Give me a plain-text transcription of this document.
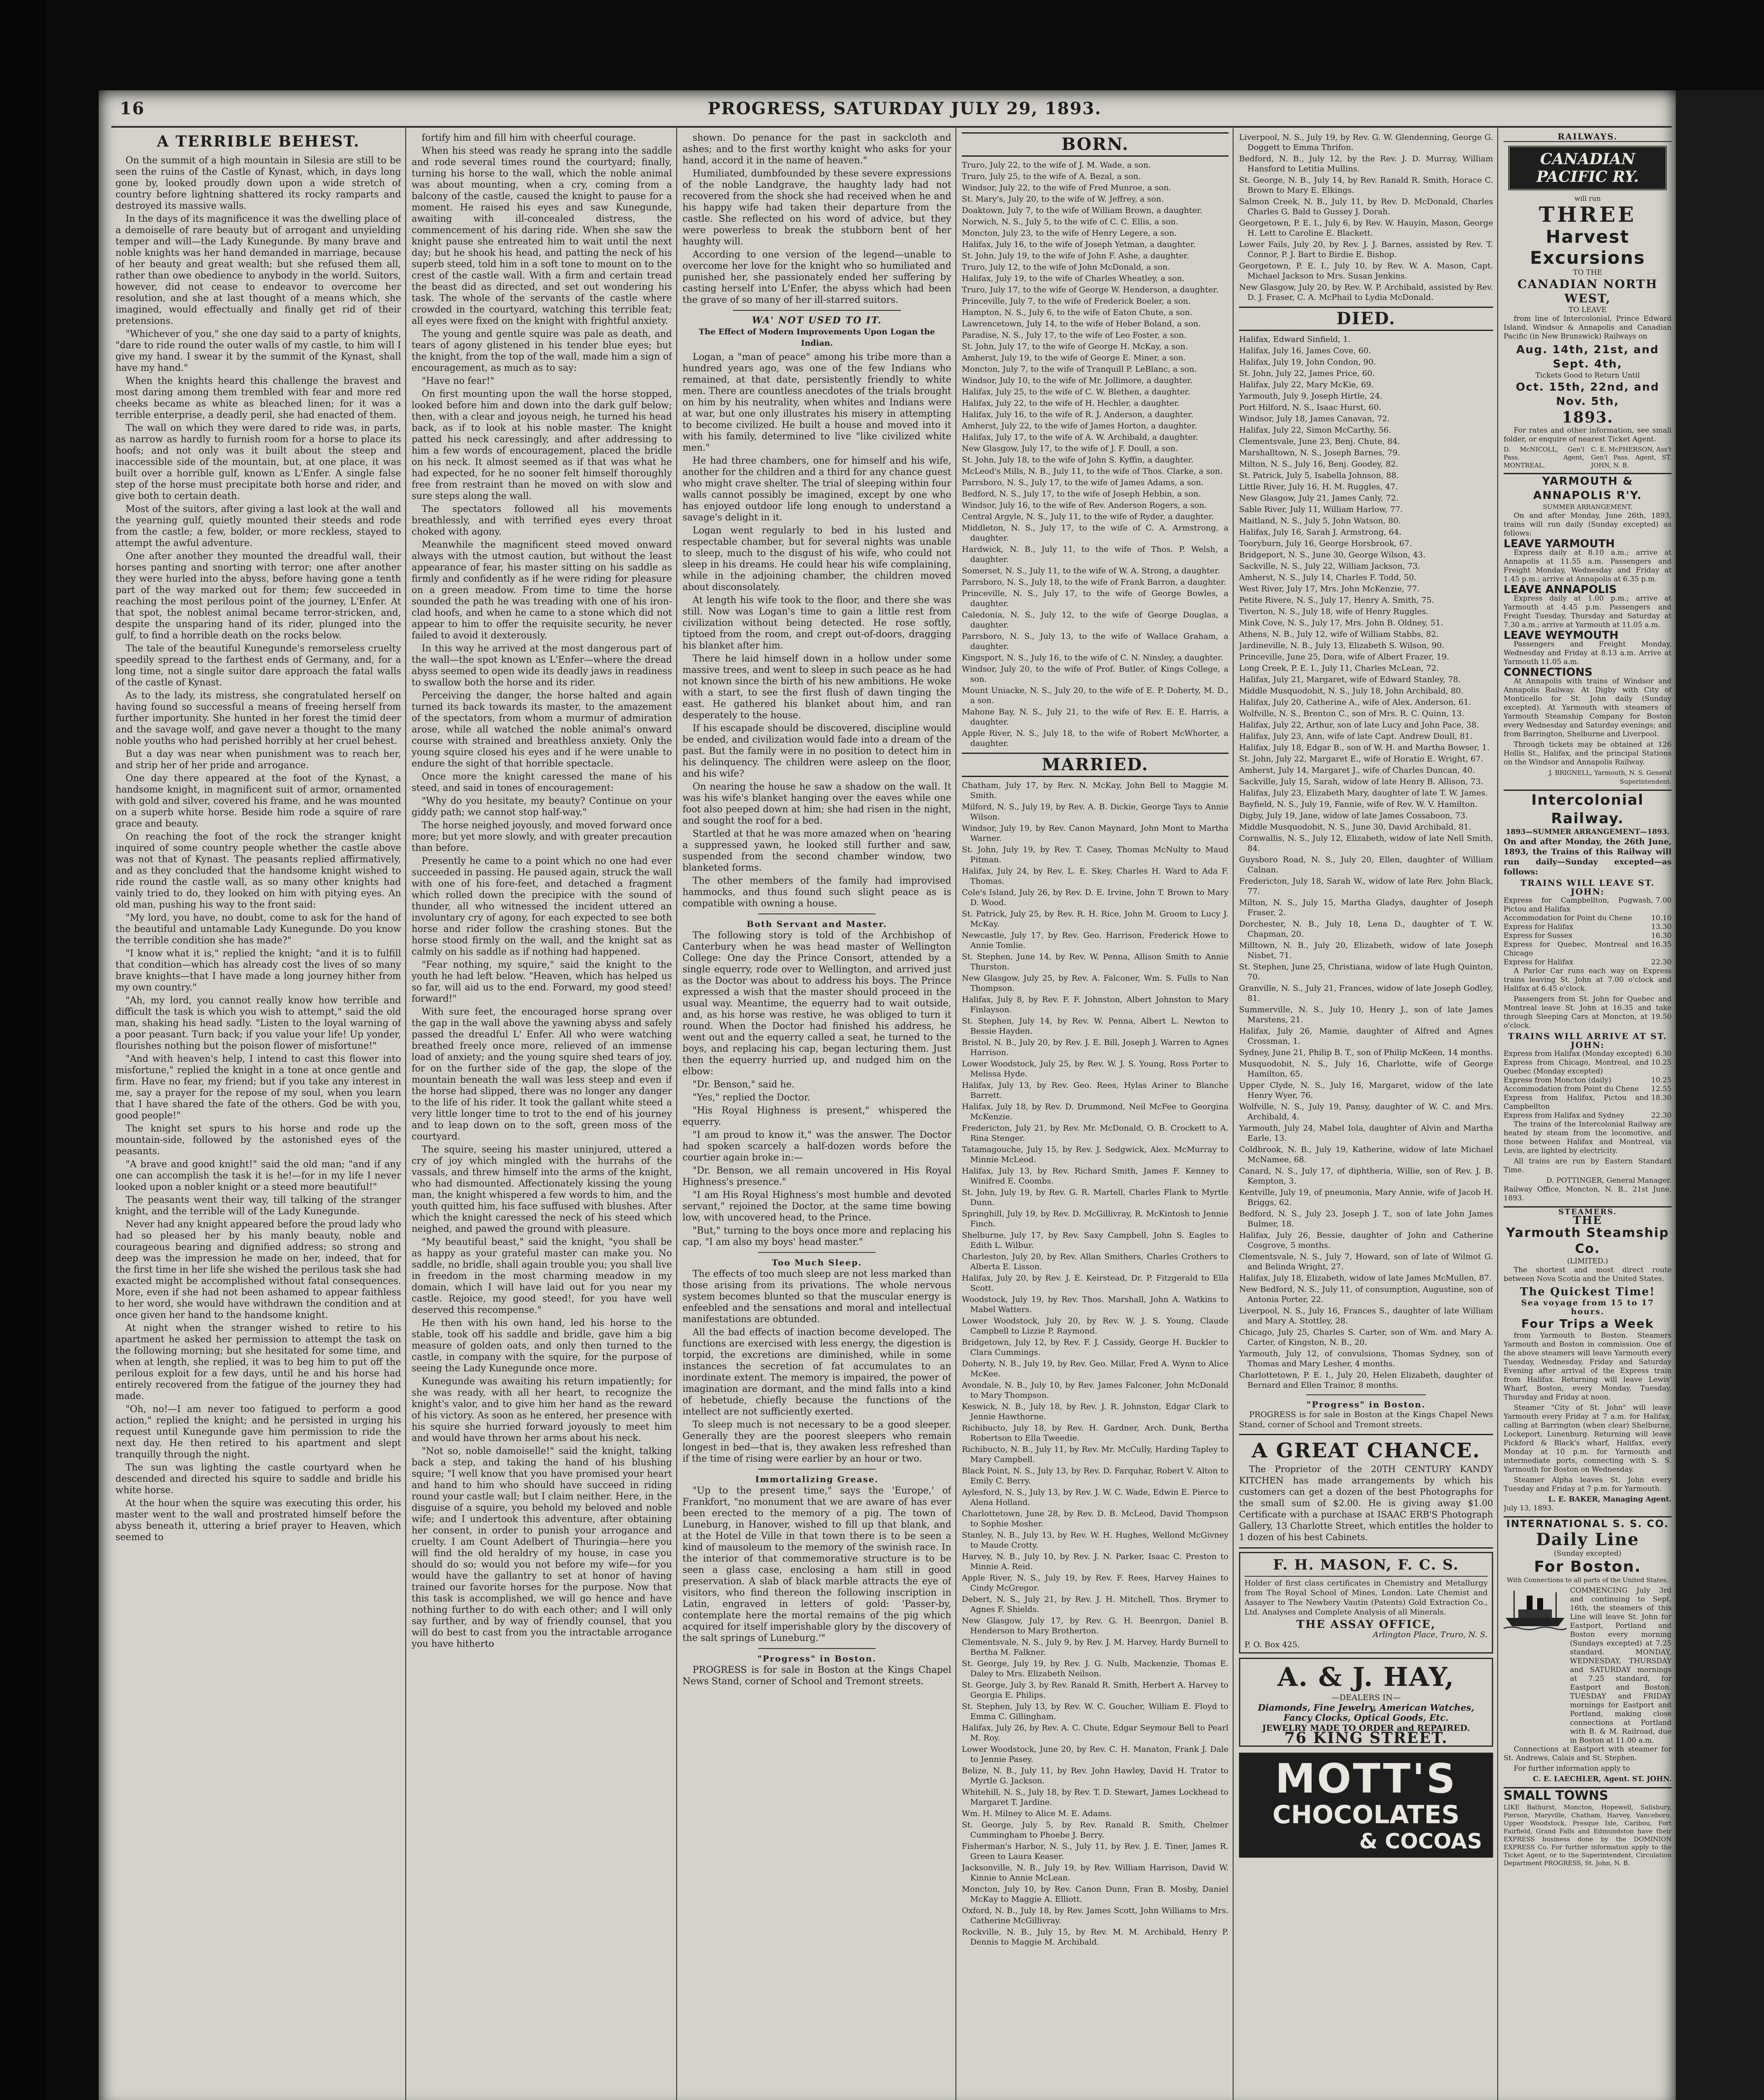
16	PROGRESS, SATURDAY JULY 29, 1893.
A TERRIBLE BEHEST.

On the summit of a high mountain in Silesia are still to be seen the ruins of the Castle of Kynast, which, in days long gone by, looked proudly down upon a wide stretch of country before lightning shattered its rocky ramparts and destroyed its massive walls.

In the days of its magnificence it was the dwelling place of a demoiselle of rare beauty but of arrogant and unyielding temper and will—the Lady Kunegunde. By many brave and noble knights was her hand demanded in marriage, because of her beauty and great wealth; but she refused them all, rather than owe obedience to anybody in the world. Suitors, however, did not cease to endeavor to overcome her resolution, and she at last thought of a means which, she imagined, would effectually and finally get rid of their pretensions.

"Whichever of you," she one day said to a party of knights, "dare to ride round the outer walls of my castle, to him will I give my hand. I swear it by the summit of the Kynast, shall have my hand."

When the knights heard this challenge the bravest and most daring among them trembled with fear and more red cheeks became as white as bleached linen; for it was a terrible enterprise, a deadly peril, she had enacted of them.

The wall on which they were dared to ride was, in parts, as narrow as hardly to furnish room for a horse to place its hoofs; and not only was it built about the steep and inaccessible side of the mountain, but, at one place, it was built over a horrible gulf, known as L'Enfer. A single false step of the horse must precipitate both horse and rider, and give both to certain death.

Most of the suitors, after giving a last look at the wall and the yearning gulf, quietly mounted their steeds and rode from the castle; a few, bolder, or more reckless, stayed to attempt the awful adventure.

One after another they mounted the dreadful wall, their horses panting and snorting with terror; one after another they were hurled into the abyss, before having gone a tenth part of the way marked out for them; few succeeded in reaching the most perilous point of the journey, L'Enfer. At that spot, the noblest animal became terror-stricken, and, despite the unsparing hand of its rider, plunged into the gulf, to find a horrible death on the rocks below.

The tale of the beautiful Kunegunde's remorseless cruelty speedily spread to the farthest ends of Germany, and, for a long time, not a single suitor dare approach the fatal walls of the castle of Kynast.

As to the lady, its mistress, she congratulated herself on having found so successful a means of freeing herself from further importunity. She hunted in her forest the timid deer and the savage wolf, and gave never a thought to the many noble youths who had perished horribly at her cruel behest.

But a day was near when punishment was to reach her, and strip her of her pride and arrogance.

One day there appeared at the foot of the Kynast, a handsome knight, in magnificent suit of armor, ornamented with gold and silver, covered his frame, and he was mounted on a superb white horse. Beside him rode a squire of rare grace and beauty.

On reaching the foot of the rock the stranger knight inquired of some country people whether the castle above was not that of Kynast. The peasants replied affirmatively, and as they concluded that the handsome knight wished to ride round the castle wall, as so many other knights had vainly tried to do, they looked on him with pitying eyes. An old man, pushing his way to the front said:

"My lord, you have, no doubt, come to ask for the hand of the beautiful and untamable Lady Kunegunde. Do you know the terrible condition she has made?"

"I know what it is," replied the knight; "and it is to fulfill that condition—which has already cost the lives of so many brave knights—that I have made a long journey hither from my own country."

"Ah, my lord, you cannot really know how terrible and difficult the task is which you wish to attempt," said the old man, shaking his head sadly. "Listen to the loyal warning of a poor peasant. Turn back; if you value your life! Up yonder, flourishes nothing but the poison flower of misfortune!"

"And with heaven's help, I intend to cast this flower into misfortune," replied the knight in a tone at once gentle and firm. Have no fear, my friend; but if you take any interest in me, say a prayer for the repose of my soul, when you learn that I have shared the fate of the others. God be with you, good people!"

The knight set spurs to his horse and rode up the mountain-side, followed by the astonished eyes of the peasants.

"A brave and good knight!" said the old man; "and if any one can accomplish the task it is he!—for in my life I never looked upon a nobler knight or a steed more beautiful!"

The peasants went their way, till talking of the stranger knight, and the terrible will of the Lady Kunegunde.

Never had any knight appeared before the proud lady who had so pleased her by his manly beauty, noble and courageous bearing and dignified address; so strong and deep was the impression he made on her, indeed, that for the first time in her life she wished the perilous task she had exacted might be accomplished without fatal consequences. More, even if she had not been ashamed to appear faithless to her word, she would have withdrawn the condition and at once given her hand to the handsome knight.

At night when the stranger wished to retire to his apartment he asked her permission to attempt the task on the following morning; but she hesitated for some time, and when at length, she replied, it was to beg him to put off the perilous exploit for a few days, until he and his horse had entirely recovered from the fatigue of the journey they had made.

"Oh, no!—I am never too fatigued to perform a good action," replied the knight; and he persisted in urging his request until Kunegunde gave him permission to ride the next day. He then retired to his apartment and slept tranquilly through the night.

The sun was lighting the castle courtyard when he descended and directed his squire to saddle and bridle his white horse.

At the hour when the squire was executing this order, his master went to the wall and prostrated himself before the abyss beneath it, uttering a brief prayer to Heaven, which seemed to

fortify him and fill him with cheerful courage.

When his steed was ready he sprang into the saddle and rode several times round the courtyard; finally, turning his horse to the wall, which the noble animal was about mounting, when a cry, coming from a balcony of the castle, caused the knight to pause for a moment. He raised his eyes and saw Kunegunde, awaiting with ill-concealed distress, the commencement of his daring ride. When she saw the knight pause she entreated him to wait until the next day; but he shook his head, and patting the neck of his superb steed, told him in a soft tone to mount on to the crest of the castle wall. With a firm and certain tread the beast did as directed, and set out wondering his task. The whole of the servants of the castle where crowded in the courtyard, watching this terrible feat; all eyes were fixed on the knight with frightful anxiety.

The young and gentle squire was pale as death, and tears of agony glistened in his tender blue eyes; but the knight, from the top of the wall, made him a sign of encouragement, as much as to say:

"Have no fear!"

On first mounting upon the wall the horse stopped, looked before him and down into the dark gulf below; then, with a clear and joyous neigh, he turned his head back, as if to look at his noble master. The knight patted his neck caressingly, and after addressing to him a few words of encouragement, placed the bridle on his neck. It almost seemed as if that was what he had expected, for he no sooner felt himself thoroughly free from restraint than he moved on with slow and sure steps along the wall.

The spectators followed all his movements breathlessly, and with terrified eyes every throat choked with agony.

Meanwhile the magnificent steed moved onward always with the utmost caution, but without the least appearance of fear, his master sitting on his saddle as firmly and confidently as if he were riding for pleasure on a green meadow. From time to time the horse sounded the path he was treading with one of his iron-clad hoofs, and when he came to a stone which did not appear to him to offer the requisite security, he never failed to avoid it dexterously.

In this way he arrived at the most dangerous part of the wall—the spot known as L'Enfer—where the dread abyss seemed to open wide its deadly jaws in readiness to swallow both the horse and its rider.

Perceiving the danger, the horse halted and again turned its back towards its master, to the amazement of the spectators, from whom a murmur of admiration arose, while all watched the noble animal's onward course with strained and breathless anxiety. Only the young squire closed his eyes and if he were unable to endure the sight of that horrible spectacle.

Once more the knight caressed the mane of his steed, and said in tones of encouragement:

"Why do you hesitate, my beauty? Continue on your giddy path; we cannot stop half-way."

The horse neighed joyously, and moved forward once more; but yet more slowly, and with greater precaution than before.

Presently he came to a point which no one had ever succeeded in passing. He paused again, struck the wall with one of his fore-feet, and detached a fragment which rolled down the precipice with the sound of thunder, all who witnessed the incident uttered an involuntary cry of agony, for each expected to see both horse and rider follow the crashing stones. But the horse stood firmly on the wall, and the knight sat as calmly on his saddle as if nothing had happened.

"Fear nothing, my squire," said the knight to the youth he had left below. "Heaven, which has helped us so far, will aid us to the end. Forward, my good steed! forward!"

With sure feet, the encouraged horse sprang over the gap in the wall above the yawning abyss and safely passed the dreadful L' Enfer. All who were watching breathed freely once more, relieved of an immense load of anxiety; and the young squire shed tears of joy, for on the further side of the gap, the slope of the mountain beneath the wall was less steep and even if the horse had slipped, there was no longer any danger to the life of his rider. It took the gallant white steed a very little longer time to trot to the end of his journey and to leap down on to the soft, green moss of the courtyard.

The squire, seeing his master uninjured, uttered a cry of joy which mingled with the hurrahs of the vassals, and threw himself into the arms of the knight, who had dismounted. Affectionately kissing the young man, the knight whispered a few words to him, and the youth quitted him, his face suffused with blushes. After which the knight caressed the neck of his steed which neighed, and pawed the ground with pleasure.

"My beautiful beast," said the knight, "you shall be as happy as your grateful master can make you. No saddle, no bridle, shall again trouble you; you shall live in freedom in the most charming meadow in my domain, which I will have laid out for you near my castle. Rejoice, my good steed!, for you have well deserved this recompense."

He then with his own hand, led his horse to the stable, took off his saddle and bridle, gave him a big measure of golden oats, and only then turned to the castle, in company with the squire, for the purpose of seeing the Lady Kunegunde once more.

Kunegunde was awaiting his return impatiently; for she was ready, with all her heart, to recognize the knight's valor, and to give him her hand as the reward of his victory. As soon as he entered, her presence with his squire she hurried forward joyously to meet him and would have thrown her arms about his neck.

"Not so, noble damoiselle!" said the knight, talking back a step, and taking the hand of his blushing squire; "I well know that you have promised your heart and hand to him who should have succeed in riding round your castle wall; but I claim neither. Here, in the disguise of a squire, you behold my beloved and noble wife; and I undertook this adventure, after obtaining her consent, in order to punish your arrogance and cruelty. I am Count Adelbert of Thuringia—here you will find the old heraldry of my house, in case you should do so; would you not before my wife—for you would have the gallantry to set at honor of having trained our favorite horses for the purpose. Now that this task is accomplished, we will go hence and have nothing further to do with each other; and I will only say further, and by way of friendly counsel, that you will do best to cast from you the intractable arrogance you have hitherto

shown. Do penance for the past in sackcloth and ashes; and to the first worthy knight who asks for your hand, accord it in the name of heaven."

Humiliated, dumbfounded by these severe expressions of the noble Landgrave, the haughty lady had not recovered from the shock she had received when he and his happy wife had taken their departure from the castle. She reflected on his word of advice, but they were powerless to break the stubborn bent of her haughty will.

According to one version of the legend—unable to overcome her love for the knight who so humiliated and punished her, she passionately ended her suffering by casting herself into L'Enfer, the abyss which had been the grave of so many of her ill-starred suitors.

WA' NOT USED TO IT.
The Effect of Modern Improvements Upon Logan the Indian.

Logan, a "man of peace" among his tribe more than a hundred years ago, was one of the few Indians who remained, at that date, persistently friendly to white men. There are countless anecdotes of the trials brought on him by his neutrality, when whites and Indians were at war, but one only illustrates his misery in attempting to become civilized. He built a house and moved into it with his family, determined to live "like civilized white men."

He had three chambers, one for himself and his wife, another for the children and a third for any chance guest who might crave shelter. The trial of sleeping within four walls cannot possibly be imagined, except by one who has enjoyed outdoor life long enough to understand a savage's delight in it.

Logan went regularly to bed in his lusted and respectable chamber, but for several nights was unable to sleep, much to the disgust of his wife, who could not sleep in his dreams. He could hear his wife complaining, while in the adjoining chamber, the children moved about disconsolately.

At length his wife took to the floor, and there she was still. Now was Logan's time to gain a little rest from civilization without being detected. He rose softly, tiptoed from the room, and crept out-of-doors, dragging his blanket after him.

There he laid himself down in a hollow under some massive trees, and went to sleep in such peace as he had not known since the birth of his new ambitions. He woke with a start, to see the first flush of dawn tinging the east. He gathered his blanket about him, and ran desperately to the house.

If his escapade should be discovered, discipline would be ended, and civilization would fade into a dream of the past. But the family were in no position to detect him in his delinquency. The children were asleep on the floor, and his wife?

On nearing the house he saw a shadow on the wall. It was his wife's blanket hanging over the eaves while one foot also peeped down at him; she had risen in the night, and sought the roof for a bed.

Startled at that he was more amazed when on 'hearing a suppressed yawn, he looked still further and saw, suspended from the second chamber window, two blanketed forms.

The other members of the family had improvised hammocks, and thus found such slight peace as is compatible with owning a house.

Both Servant and Master.

The following story is told of the Archbishop of Canterbury when he was head master of Wellington College: One day the Prince Consort, attended by a single equerry, rode over to Wellington, and arrived just as the Doctor was about to address his boys. The Prince expressed a wish that the master should proceed in the usual way. Meantime, the equerry had to wait outside, and, as his horse was restive, he was obliged to turn it round. When the Doctor had finished his address, he went out and the equerry called a seat, he turned to the boys, and replacing his cap, began lecturing them. Just then the equerry hurried up, and nudged him on the elbow:

"Dr. Benson," said he.

"Yes," replied the Doctor.

"His Royal Highness is present," whispered the equerry.

"I am proud to know it," was the answer. The Doctor had spoken scarcely a half-dozen words before the courtier again broke in:—

"Dr. Benson, we all remain uncovered in His Royal Highness's presence."

"I am His Royal Highness's most humble and devoted servant," rejoined the Doctor, at the same time bowing low, with uncovered head, to the Prince.

"But," turning to the boys once more and replacing his cap, "I am also my boys' head master."

Too Much Sleep.

The effects of too much sleep are not less marked than those arising from its privations. The whole nervous system becomes blunted so that the muscular energy is enfeebled and the sensations and moral and intellectual manifestations are obtunded.

All the bad effects of inaction become developed. The functions are exercised with less energy, the digestion is torpid, the excretions are diminished, while in some instances the secretion of fat accumulates to an inordinate extent. The memory is impaired, the power of imagination are dormant, and the mind falls into a kind of hebetude, chiefly because the functions of the intellect are not sufficiently exerted.

To sleep much is not necessary to be a good sleeper. Generally they are the poorest sleepers who remain longest in bed—that is, they awaken less refreshed than if the time of rising were earlier by an hour or two.

Immortalizing Grease.

"Up to the present time," says the 'Europe,' of Frankfort, "no monument that we are aware of has ever been erected to the memory of a pig. The town of Luneburg, in Hanover, wished to fill up that blank, and at the Hotel de Ville in that town there is to be seen a kind of mausoleum to the memory of the swinish race. In the interior of that commemorative structure is to be seen a glass case, enclosing a ham still in good preservation. A slab of black marble attracts the eye of visitors, who find thereon the following inscription in Latin, engraved in letters of gold: 'Passer-by, contemplate here the mortal remains of the pig which acquired for itself imperishable glory by the discovery of the salt springs of Luneburg.'"

"Progress" in Boston.

PROGRESS is for sale in Boston at the Kings Chapel News Stand, corner of School and Tremont streets.

BORN.
Truro, July 22, to the wife of J. M. Wade, a son.
Truro, July 25, to the wife of A. Bezal, a son.
Windsor, July 22, to the wife of Fred Munroe, a son.
St. Mary's, July 20, to the wife of W. Jeffrey, a son.
Doaktown, July 7, to the wife of William Brown, a daughter.
Norwich, N. S., July 5, to the wife of C. C. Ellis, a son.
Moncton, July 23, to the wife of Henry Legere, a son.
Halifax, July 16, to the wife of Joseph Yetman, a daughter.
St. John, July 19, to the wife of John F. Ashe, a daughter.
Truro, July 12, to the wife of John McDonald, a son.
Halifax, July 19, to the wife of Charles Wheatley, a son.
Truro, July 17, to the wife of George W. Henderson, a daughter.
Princeville, July 7, to the wife of Frederick Boeler, a son.
Hampton, N. S., July 6, to the wife of Eaton Chute, a son.
Lawrencetown, July 14, to the wife of Heber Boland, a son.
Paradise, N. S., July 17, to the wife of Leo Foster, a son.
St. John, July 17, to the wife of George H. McKay, a son.
Amherst, July 19, to the wife of George E. Miner, a son.
Moncton, July 7, to the wife of Tranquill P. LeBlanc, a son.
Windsor, July 10, to the wife of Mr. Jollimore, a daughter.
Halifax, July 25, to the wife of C. W. Blethen, a daughter.
Halifax, July 22, to the wife of H. Hechler, a daughter.
Halifax, July 16, to the wife of R. J. Anderson, a daughter.
Amherst, July 22, to the wife of James Horton, a daughter.
Halifax, July 17, to the wife of A. W. Archibald, a daughter.
New Glasgow, July 17, to the wife of J. F. Doull, a son.
St. John, July 18, to the wife of John S. Kyffin, a daughter.
McLeod's Mills, N. B., July 11, to the wife of Thos. Clarke, a son.
Parrsboro, N. S., July 17, to the wife of James Adams, a son.
Bedford, N. S., July 17, to the wife of Joseph Hebbin, a son.
Windsor, July 16, to the wife of Rev. Anderson Rogers, a son.
Central Argyle, N. S., July 11, to the wife of Ryder, a daughter.
Middleton, N. S., July 17, to the wife of C. A. Armstrong, a daughter.
Hardwick, N. B., July 11, to the wife of Thos. P. Welsh, a daughter.
Somerset, N. S., July 11, to the wife of W. A. Strong, a daughter.
Parrsboro, N. S., July 18, to the wife of Frank Barron, a daughter.
Princeville, N. S., July 17, to the wife of George Bowles, a daughter.
Caledonia, N. S., July 12, to the wife of George Douglas, a daughter.
Parrsboro, N. S., July 13, to the wife of Wallace Graham, a daughter.
Kingsport, N. S., July 16, to the wife of C. N. Ninsley, a daughter.
Windsor, July 20, to the wife of Prof. Butler, of Kings College, a son.
Mount Uniacke, N. S., July 20, to the wife of E. P. Doherty, M. D., a son.
Mahone Bay, N. S., July 21, to the wife of Rev. E. E. Harris, a daughter.
Apple River, N. S., July 18, to the wife of Robert McWhorter, a daughter.
MARRIED.
Chatham, July 17, by Rev. N. McKay, John Bell to Maggie M. Smith.
Milford, N. S., July 19, by Rev. A. B. Dickie, George Tays to Annie Wilson.
Windsor, July 19, by Rev. Canon Maynard, John Mont to Martha Warner.
St. John, July 19, by Rev. T. Casey, Thomas McNulty to Maud Pitman.
Halifax, July 24, by Rev. L. E. Skey, Charles H. Ward to Ada F. Thomas.
Cole's Island, July 26, by Rev. D. E. Irvine, John T. Brown to Mary D. Wood.
St. Patrick, July 25, by Rev. R. H. Rice, John M. Groom to Lucy J. McKay.
Newcastle, July 17, by Rev. Geo. Harrison, Frederick Howe to Annie Tomlie.
St. Stephen, June 14, by Rev. W. Penna, Allison Smith to Annie Thurston.
New Glasgow, July 25, by Rev. A. Falconer, Wm. S. Fulls to Nan Thompson.
Halifax, July 8, by Rev. F. F. Johnston, Albert Johnston to Mary Finlayson.
St. Stephen, July 14, by Rev. W. Penna, Albert L. Newton to Bessie Hayden.
Bristol, N. B., July 20, by Rev. J. E. Bill, Joseph J. Warren to Agnes Harrison.
Lower Woodstock, July 25, by Rev. W. J. S. Young, Ross Porter to Melissa Hyde.
Halifax, July 13, by Rev. Geo. Rees, Hylas Ariner to Blanche Barrett.
Halifax, July 18, by Rev. D. Drummond, Neil McFee to Georgina McKenzie.
Fredericton, July 21, by Rev. Mr. McDonald, O. B. Crockett to A. Rina Stenger.
Tatamagouche, July 15, by Rev. J. Sedgwick, Alex. McMurray to Minnie McLeod.
Halifax, July 13, by Rev. Richard Smith, James F. Kenney to Winifred E. Coombs.
St. John, July 19, by Rev. G. R. Martell, Charles Flank to Myrtle Dunn.
Springhill, July 19, by Rev. D. McGillivray, R. McKintosh to Jennie Finch.
Shelburne, July 17, by Rev. Saxy Campbell, John S. Eagles to Edith L. Wilbur.
Charleston, July 20, by Rev. Allan Smithers, Charles Crothers to Alberta E. Lisson.
Halifax, July 20, by Rev. J. E. Keirstead, Dr. P. Fitzgerald to Ella Scott.
Woodstock, July 19, by Rev. Thos. Marshall, John A. Watkins to Mabel Watters.
Lower Woodstock, July 20, by Rev. W. J. S. Young, Claude Campbell to Lizzie P. Raymond.
Bridgetown, July 12, by Rev. F. J. Cassidy, George H. Buckler to Clara Cummings.
Doherty, N. B., July 19, by Rev. Geo. Millar, Fred A. Wynn to Alice McKee.
Avondale, N. B., July 10, by Rev. James Falconer, John McDonald to Mary Thompson.
Keswick, N. B., July 18, by Rev. J. R. Johnston, Edgar Clark to Jennie Hawthorne.
Richibucto, July 18, by Rev. H. Gardner, Arch. Dunk, Bertha Robertson to Ella Tweedie.
Richibucto, N. B., July 11, by Rev. Mr. McCully, Harding Tapley to Mary Campbell.
Black Point, N. S., July 13, by Rev. D. Farquhar, Robert V. Alton to Emily C. Berry.
Aylesford, N. S., July 13, by Rev. J. W. C. Wade, Edwin E. Pierce to Alena Holland.
Charlottetown, June 28, by Rev. D. B. McLeod, David Thompson to Sophie Mosher.
Stanley, N. B., July 13, by Rev. W. H. Hughes, Wellond McGivney to Maude Crotty.
Harvey, N. B., July 10, by Rev. J. N. Parker, Isaac C. Preston to Minnie A. Reid.
Apple River, N. S., July 19, by Rev. F. Rees, Harvey Haines to Cindy McGregor.
Debert, N. S., July 21, by Rev. J. H. Mitchell, Thos. Brymer to Agnes F. Shields.
New Glasgow, July 17, by Rev. G. H. Beenrgon, Daniel B. Henderson to Mary Brotherton.
Clementsvale, N. S., July 9, by Rev. J. M. Harvey, Hardy Burnell to Bertha M. Falkner.
St. George, July 19, by Rev. J. G. Nulb, Mackenzie, Thomas E. Daley to Mrs. Elizabeth Neilson.
St. George, July 3, by Rev. Ranald R. Smith, Herbert A. Harvey to Georgia E. Philips.
St. Stephen, July 13, by Rev. W. C. Goucher, William E. Floyd to Emma C. Gillingham.
Halifax, July 26, by Rev. A. C. Chute, Edgar Seymour Bell to Pearl M. Roy.
Lower Woodstock, June 20, by Rev. C. H. Manaton, Frank J. Dale to Jennie Pasey.
Belize, N. B., July 11, by Rev. John Hawley, David H. Trator to Myrtle G. Jackson.
Whitehill, N. S., July 18, by Rev. T. D. Stewart, James Lockhead to Margaret T. Jardine.
Wm. H. Milney to Alice M. E. Adams.
St. George, July 5, by Rev. Ranald R. Smith, Chelmer Cummingham to Phoebe J. Berry.
Fisherman's Harbor, N. S., July 11, by Rev. J. E. Tiner, James R. Green to Laura Keaser.
Jacksonville, N. B., July 19, by Rev. William Harrison, David W. Kinnie to Annie McLean.
Moncton, July 10, by Rev. Canon Dunn, Fran B. Mosby, Daniel McKay to Maggie A. Elliott.
Oxford, N. B., July 18, by Rev. James Scott, John Williams to Mrs. Catherine McGillivray.
Rockville, N. B., July 15, by Rev. M. M. Archibald, Henry P. Dennis to Maggie M. Archibald.
Liverpool, N. S., July 19, by Rev. G. W. Glendenning, George G. Doggett to Emma Thrifon.
Bedford, N. B., July 12, by the Rev. J. D. Murray, William Hansford to Letitia Mullins.
St. George, N. B., July 14, by Rev. Ranald R. Smith, Horace C. Brown to Mary E. Elkings.
Salmon Creek, N. B., July 11, by Rev. D. McDonald, Charles Charles G. Bald to Gussey J. Dorah.
Georgetown, P. E. I., July 6, by Rev. W. Hauyin, Mason, George H. Lett to Caroline E. Blackett.
Lower Fails, July 20, by Rev. J. J. Barnes, assisted by Rev. T. Connor, P. J. Bart to Birdie E. Bishop.
Georgetown, P. E. I., July 10, by Rev. W. A. Mason, Capt. Michael Jackson to Mrs. Susan Jenkins.
New Glasgow, July 20, by Rev. W. P. Archibald, assisted by Rev. D. J. Fraser, C. A. McPhail to Lydia McDonald.
DIED.
Halifax, Edward Sinfield, 1.
Halifax, July 16, James Cove, 60.
Halifax, July 19, John Condon, 90.
St. John, July 22, James Price, 60.
Halifax, July 22, Mary McKie, 69.
Yarmouth, July 9, Joseph Hirtle, 24.
Port Hilford, N. S., Isaac Hurst, 60.
Windsor, July 18, James Canavan, 72.
Halifax, July 22, Simon McCarthy, 56.
Clementsvale, June 23, Benj. Chute, 84.
Marshalltown, N. S., Joseph Barnes, 79.
Milton, N. S., July 16, Benj. Goodey, 82.
St. Patrick, July 5, Isabella Johnson, 88.
Little River, July 16, H. M. Ruggles, 47.
New Glasgow, July 21, James Canly, 72.
Sable River, July 11, William Harlow, 77.
Maitland, N. S., July 5, John Watson, 80.
Halifax, July 16, Sarah J. Armstrong, 64.
Tooryburn, July 16, George Horsbrook, 67.
Bridgeport, N. S., June 30, George Wilson, 43.
Sackville, N. S., July 22, William Jackson, 73.
Amherst, N. S., July 14, Charles F. Todd, 50.
West River, July 17, Mrs. John McKenzie, 77.
Petite Rivere, N. S., July 17, Henry A. Smith, 75.
Tiverton, N. S., July 18, wife of Henry Ruggles.
Mink Cove, N. S., July 17, Mrs. John B. Oldney, 51.
Athens, N. B., July 12, wife of William Stabbs, 82.
Jardineville, N. B., July 13, Elizabeth S. Wilson, 90.
Princeville, June 25, Dora, wife of Albert Frazer, 19.
Long Creek, P. E. I., July 11, Charles McLean, 72.
Halifax, July 21, Margaret, wife of Edward Stanley, 78.
Middle Musquodobit, N. S., July 18, John Archibald, 80.
Halifax, July 20, Catherine A., wife of Alex. Anderson, 61.
Wolfville, N. S., Brenton C., son of Mrs. R. C. Quinn, 13.
Halifax, July 22, Arthur, son of late Lucy and John Pace, 38.
Halifax, July 23, Ann, wife of late Capt. Andrew Doull, 81.
Halifax, July 18, Edgar B., son of W. H. and Martha Bowser, 1.
St. John, July 22, Margaret E., wife of Horatio E. Wright, 67.
Amherst, July 14, Margaret J., wife of Charles Duncan, 40.
Sackville, July 15, Sarah, widow of late Henry B. Allison, 73.
Halifax, July 23, Elizabeth Mary, daughter of late T. W. James.
Bayfield, N. S., July 19, Fannie, wife of Rev. W. V. Hamilton.
Digby, July 19, Jane, widow of late James Cossaboon, 73.
Middle Musquodobit, N. S., June 30, David Archibald, 81.
Cornwallis, N. S., July 12, Elizabeth, widow of late Nell Smith, 84.
Guysboro Road, N. S., July 20, Ellen, daughter of William Calnan.
Fredericton, July 18, Sarah W., widow of late Rev. John Black, 77.
Milton, N. S., July 15, Martha Gladys, daughter of Joseph Fraser, 2.
Dorchester, N. B., July 18, Lena D., daughter of T. W. Chapman, 20.
Milltown, N. B., July 20, Elizabeth, widow of late Joseph Nisbet, 71.
St. Stephen, June 25, Christiana, widow of late Hugh Quinton, 70.
Granville, N. S., July 21, Frances, widow of late Joseph Godley, 81.
Summerville, N. S., July 10, Henry J., son of late James Marstens, 21.
Halifax, July 26, Mamie, daughter of Alfred and Agnes Crossman, 1.
Sydney, June 21, Philip B. T., son of Philip McKeen, 14 months.
Musquodobit, N. S., July 16, Charlotte, wife of George Hamilton, 65.
Upper Clyde, N. S., July 16, Margaret, widow of the late Henry Wyer, 76.
Wolfville, N. S., July 19, Pansy, daughter of W. C. and Mrs. Archibald, 4.
Yarmouth, July 24, Mabel Iola, daughter of Alvin and Martha Earle, 13.
Coldbrook, N. B., July 19, Katherine, widow of late Michael McNamee, 68.
Canard, N. S., July 17, of diphtheria, Willie, son of Rev. J. B. Kempton, 3.
Kentville, July 19, of pneumonia, Mary Annie, wife of Jacob H. Briggs, 62.
Bedford, N. S., July 23, Joseph J. T., son of late John James Bulmer, 18.
Halifax, July 26, Bessie, daughter of John and Catherine Cosgrove, 5 months.
Clementsvale, N. S., July 7, Howard, son of late of Wilmot G. and Belinda Wright, 27.
Halifax, July 18, Elizabeth, widow of late James McMullen, 87.
New Bedford, N. S., July 11, of consumption, Augustine, son of Antonia Porter, 22.
Liverpool, N. S., July 16, Frances S., daughter of late William and Mary A. Stottley, 28.
Chicago, July 25, Charles S. Carter, son of Wm. and Mary A. Carter, of Kingston, N. B., 20.
Yarmouth, July 12, of convulsions, Thomas Sydney, son of Thomas and Mary Lesher, 4 months.
Charlottetown, P. E. I., July 20, Helen Elizabeth, daughter of Bernard and Ellen Trainor, 8 months.
"Progress" in Boston.

PROGRESS is for sale in Boston at the Kings Chapel News Stand, corner of School and Tremont streets.

A GREAT CHANCE.

The Proprietor of the 20TH CENTURY KANDY KITCHEN has made arrangements by which his customers can get a dozen of the best Photographs for the small sum of $2.00. He is giving away $1.00 Certificate with a purchase at ISAAC ERB'S Photograph Gallery, 13 Charlotte Street, which entitles the holder to 1 dozen of his best Cabinets.

F. H. MASON, F. C. S.
Holder of first class certificates in Chemistry and Metallurgy from The Royal School of Mines, London. Late Chemist and Assayer to The Newbery Vautin (Patents) Gold Extraction Co., Ltd. Analyses and Complete Analysis of all Minerals.
THE ASSAY OFFICE,
Arlington Place, Truro, N. S.
P. O. Box 425.
A. & J. HAY,
—DEALERS IN—
Diamonds, Fine Jewelry, American Watches, Fancy Clocks, Optical Goods, Etc.
JEWELRY MADE TO ORDER and REPAIRED.
76 KING STREET.
MOTT'S
CHOCOLATES
& COCOAS
RAILWAYS.
CANADIAN PACIFIC RY.
will run
THREE
Harvest Excursions
TO THE
CANADIAN NORTH WEST,
TO LEAVE

from line of Intercolonial, Prince Edward Island, Windsor & Annapolis and Canadian Pacific (in New Brunswick) Railways on

Aug. 14th, 21st, and Sept. 4th,
Tickets Good to Return Until
Oct. 15th, 22nd, and Nov. 5th,
1893.

For rates and other information, see small folder, or enquire of nearest Ticket Agent.

D. McNICOLL, Gen'l Pass. Agent, MONTREAL.
C. E. McPHERSON, Ass't Gen'l Pass. Agent, ST. JOHN, N. B.
YARMOUTH & ANNAPOLIS R'Y.
SUMMER ARRANGEMENT.

On and after Monday, June 26th, 1893, trains will run daily (Sunday excepted) as follows:

LEAVE YARMOUTH

Express daily at 8.10 a.m.; arrive at Annapolis at 11.55 a.m. Passengers and Freight Monday, Wednesday and Friday at 1.45 p.m.; arrive at Annapolis at 6.35 p.m.

LEAVE ANNAPOLIS

Express daily at 1.00 p.m.; arrive at Yarmouth at 4.45 p.m. Passengers and Freight Tuesday, Thursday and Saturday at 7.30 a.m.; arrive at Yarmouth at 11.05 a.m.

LEAVE WEYMOUTH

Passengers and Freight Monday, Wednesday and Friday at 8.13 a.m. Arrive at Yarmouth 11.05 a.m.

CONNECTIONS

At Annapolis with trains of Windsor and Annapolis Railway. At Digby with City of Monticello for St. John daily (Sunday excepted). At Yarmouth with steamers of Yarmouth Steamship Company for Boston every Wednesday and Saturday evenings; and from Barrington, Shelburne and Liverpool.

Through tickets may be obtained at 126 Hollis St., Halifax, and the principal Stations on the Windsor and Annapolis Railway.

J. BRIGNELL, Yarmouth, N. S. General Superintendent.
Intercolonial Railway.
1893—SUMMER ARRANGEMENT—1893.
On and after Monday, the 26th June, 1893, the Trains of this Railway will run daily—Sunday excepted—as follows:
TRAINS WILL LEAVE ST. JOHN:
Express for Campbellton, Pugwash, Pictou and Halifax
7.00
Accommodation for Point du Chene	10.10
Express for Halifax	13.30
Express for Sussex	16.30
Express for Quebec, Montreal and Chicago
16.35
Express for Halifax	22.30

A Parlor Car runs each way on Express trains leaving St. John at 7.00 o'clock and Halifax at 6.45 o'clock.

Passengers from St. John for Quebec and Montreal leave St. John at 16.35 and take through Sleeping Cars at Moncton, at 19.50 o'clock.

TRAINS WILL ARRIVE AT ST. JOHN:
Express from Halifax (Monday excepted) 6.30
Express from Chicago, Montreal, and Quebec (Monday excepted)
10.25
Express from Moncton (daily)	10.25
Accommodation from Point du Chene	12.55
Express from Halifax, Pictou and Campbellton
18.30
Express from Halifax and Sydney	22.30

The trains of the Intercolonial Railway are heated by steam from the locomotive, and those between Halifax and Montreal, via Levis, are lighted by electricity.

All trains are run by Eastern Standard Time.

D. POTTINGER, General Manager.
Railway Office, Moncton, N. B., 21st June, 1893.
STEAMERS.
THE
Yarmouth Steamship Co.
(LIMITED.)

The shortest and most direct route between Nova Scotia and the United States.

The Quickest Time!
Sea voyage from 15 to 17 hours.
Four Trips a Week

from Yarmouth to Boston. Steamers Yarmouth and Boston in commission. One of the above steamers will leave Yarmouth every Tuesday, Wednesday, Friday and Saturday Evening after arrival of the Express train from Halifax. Returning will leave Lewis' Wharf, Boston, every Monday, Tuesday, Thursday and Friday at noon.

Steamer "City of St. John" will leave Yarmouth every Friday at 7 a.m. for Halifax, calling at Barrington (when clear) Shelburne, Lockeport, Lunenburg. Returning will leave Pickford & Black's wharf, Halifax, every Monday at 10 p.m. for Yarmouth and intermediate ports, connecting with S. S. Yarmouth for Boston on Wednesday.

Steamer Alpha leaves St. John every Tuesday and Friday at 7 p.m. for Yarmouth.

L. E. BAKER, Managing Agent.
July 13, 1893.
INTERNATIONAL S. S. CO.
Daily Line
(Sunday excepted)
For Boston.
With Connections to all parts of the United States.
COMMENCING July 3rd and continuing to Sept. 16th, the steamers of this Line will leave St. John for Eastport, Portland and Boston every morning (Sundays excepted) at 7.25 standard. MONDAY, WEDNESDAY, THURSDAY and SATURDAY mornings at 7.25 standard, for Eastport and Boston. TUESDAY and FRIDAY mornings for Eastport and Portland, making close connections at Portland with B. & M. Railroad, due in Boston at 11.00 a.m.

Connections at Eastport with steamer for St. Andrews, Calais and St. Stephen.

For further information apply to

C. E. LAECHLER, Agent. ST. JOHN.
SMALL TOWNS
LIKE Bathurst, Moncton, Hopewell, Salisbury, Pierson, Maryville, Chatham, Harvey, Vanceboro, Upper Woodstock, Presque Isle, Caribou, Fort Fairfield, Grand Falls and Edmundston have their EXPRESS business done by the DOMINION EXPRESS Co. For further information apply to the Ticket Agent, or to the Superintendent, Circulation Department PROGRESS, St. John, N. B.
